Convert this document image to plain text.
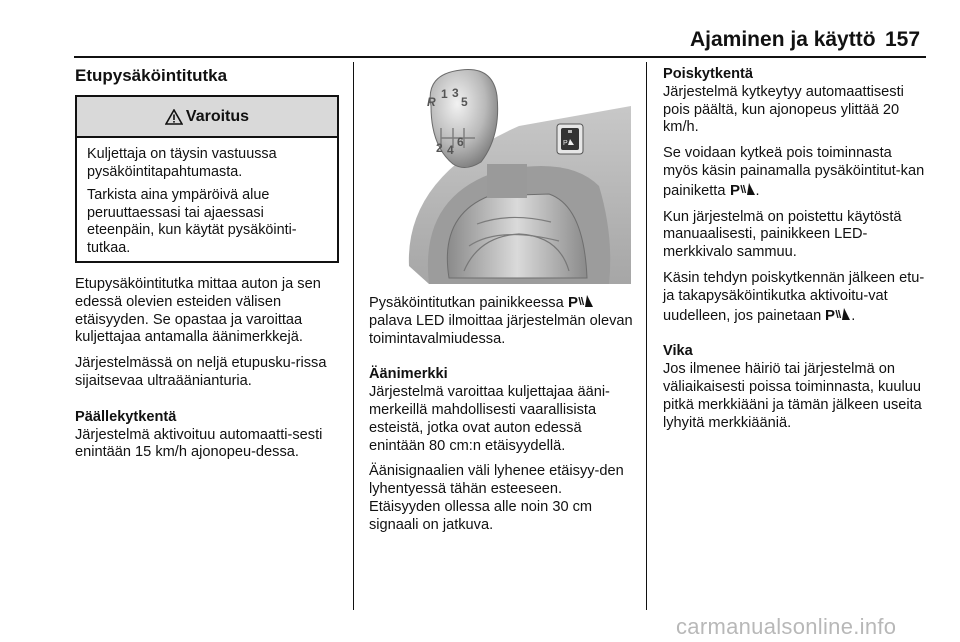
Ajaminen ja käyttö 157
Etupysäköintitutka
Varoitus

Kuljettaja on täysin vastuussa pysäköintitapahtumasta.

Tarkista aina ympäröivä alue peruuttaessasi tai ajaessasi eteenpäin, kun käytät pysäköinti-tutkaa.

Etupysäköintitutka mittaa auton ja sen edessä olevien esteiden välisen etäisyyden. Se opastaa ja varoittaa kuljettajaa antamalla äänimerkkejä.

Järjestelmässä on neljä etupusku-rissa sijaitsevaa ultraäänianturia.

Päällekytkentä

Järjestelmä aktivoituu automaatti-sesti enintään 15 km/h ajonopeu-dessa.

R
1 3
5
2 4
6	P

Pysäköintitutkan painikkeessa  palava LED ilmoittaa järjestelmän olevan toimintavalmiudessa.

Äänimerkki

Järjestelmä varoittaa kuljettajaa ääni-merkeillä mahdollisesti vaarallisista esteistä, jotka ovat auton edessä enintään 80 cm:n etäisyydellä.

Äänisignaalien väli lyhenee etäisyy-den lyhentyessä tähän esteeseen. Etäisyyden ollessa alle noin 30 cm signaali on jatkuva.

Poiskytkentä

Järjestelmä kytkeytyy automaattisesti pois päältä, kun ajonopeus ylittää 20 km/h.

Se voidaan kytkeä pois toiminnasta myös käsin painamalla pysäköintitut-kan painiketta .

Kun järjestelmä on poistettu käytöstä manuaalisesti, painikkeen LED-merkkivalo sammuu.

Käsin tehdyn poiskytkennän jälkeen etu- ja takapysäköintikutka aktivoitu-vat uudelleen, jos painetaan .

Vika

Jos ilmenee häiriö tai järjestelmä on väliaikaisesti poissa toiminnasta, kuuluu pitkä merkkiääni ja tämän jälkeen useita lyhyitä merkkiääniä.

carmanualsonline.info
